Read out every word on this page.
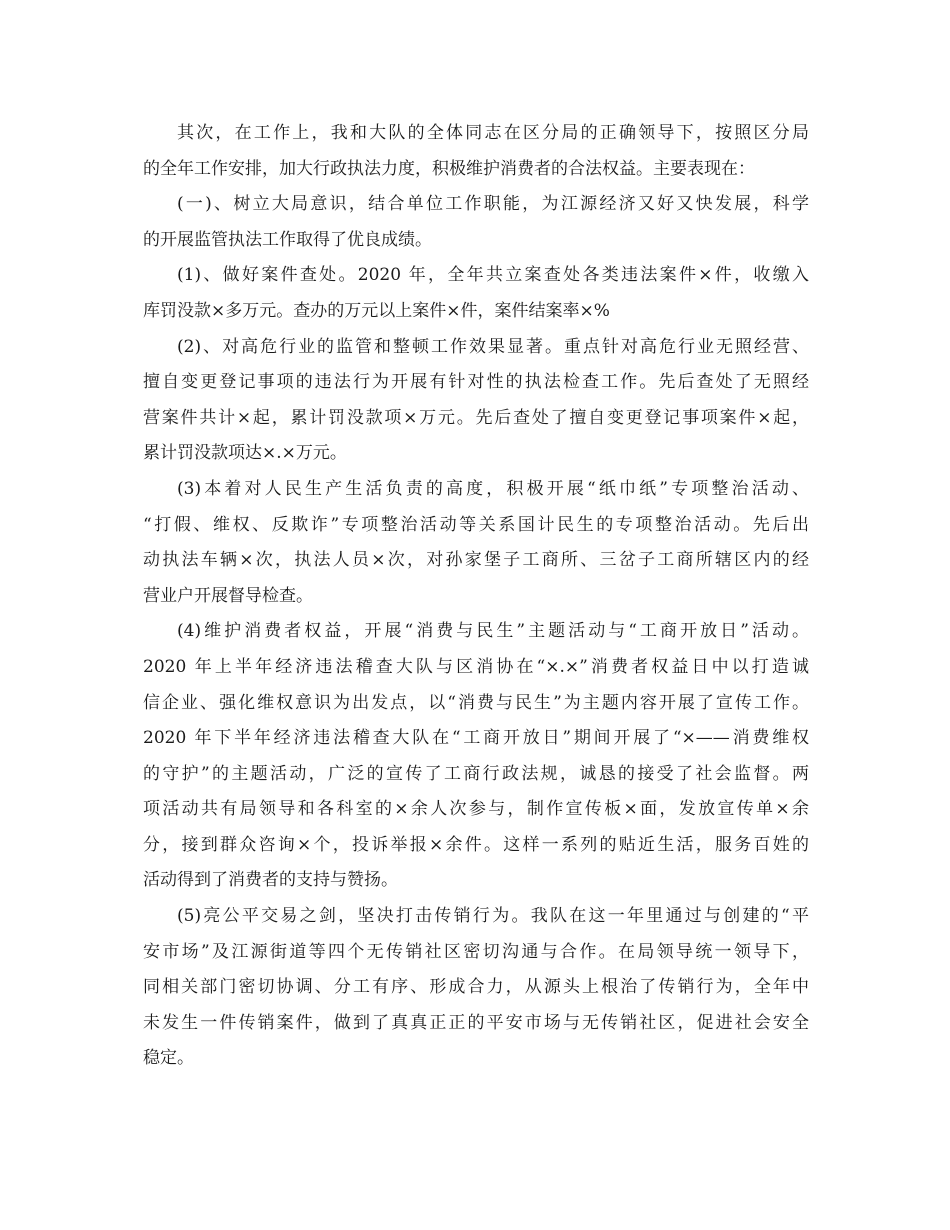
其次，在工作上，我和大队的全体同志在区分局的正确领导下，按照区分局
的全年工作安排，加大行政执法力度，积极维护消费者的合法权益。主要表现在：
(一)、树立大局意识，结合单位工作职能，为江源经济又好又快发展，科学
的开展监管执法工作取得了优良成绩。
(1)、做好案件查处。2020 年，全年共立案查处各类违法案件×件，收缴入
库罚没款×多万元。查办的万元以上案件×件，案件结案率×%
(2)、对高危行业的监管和整顿工作效果显著。重点针对高危行业无照经营、
擅自变更登记事项的违法行为开展有针对性的执法检查工作。先后查处了无照经
营案件共计×起，累计罚没款项×万元。先后查处了擅自变更登记事项案件×起，
累计罚没款项达×.×万元。
(3)本着对人民生产生活负责的高度，积极开展“纸巾纸”专项整治活动、
“打假、维权、反欺诈”专项整治活动等关系国计民生的专项整治活动。先后出
动执法车辆×次，执法人员×次，对孙家堡子工商所、三岔子工商所辖区内的经
营业户开展督导检查。
(4)维护消费者权益，开展“消费与民生”主题活动与“工商开放日”活动。
2020 年上半年经济违法稽查大队与区消协在“×.×”消费者权益日中以打造诚
信企业、强化维权意识为出发点，以“消费与民生”为主题内容开展了宣传工作。
2020 年下半年经济违法稽查大队在“工商开放日”期间开展了“×——消费维权
的守护”的主题活动，广泛的宣传了工商行政法规，诚恳的接受了社会监督。两
项活动共有局领导和各科室的×余人次参与，制作宣传板×面，发放宣传单×余
分，接到群众咨询×个，投诉举报×余件。这样一系列的贴近生活，服务百姓的
活动得到了消费者的支持与赞扬。
(5)亮公平交易之剑，坚决打击传销行为。我队在这一年里通过与创建的“平
安市场”及江源街道等四个无传销社区密切沟通与合作。在局领导统一领导下，
同相关部门密切协调、分工有序、形成合力，从源头上根治了传销行为，全年中
未发生一件传销案件，做到了真真正正的平安市场与无传销社区，促进社会安全
稳定。
